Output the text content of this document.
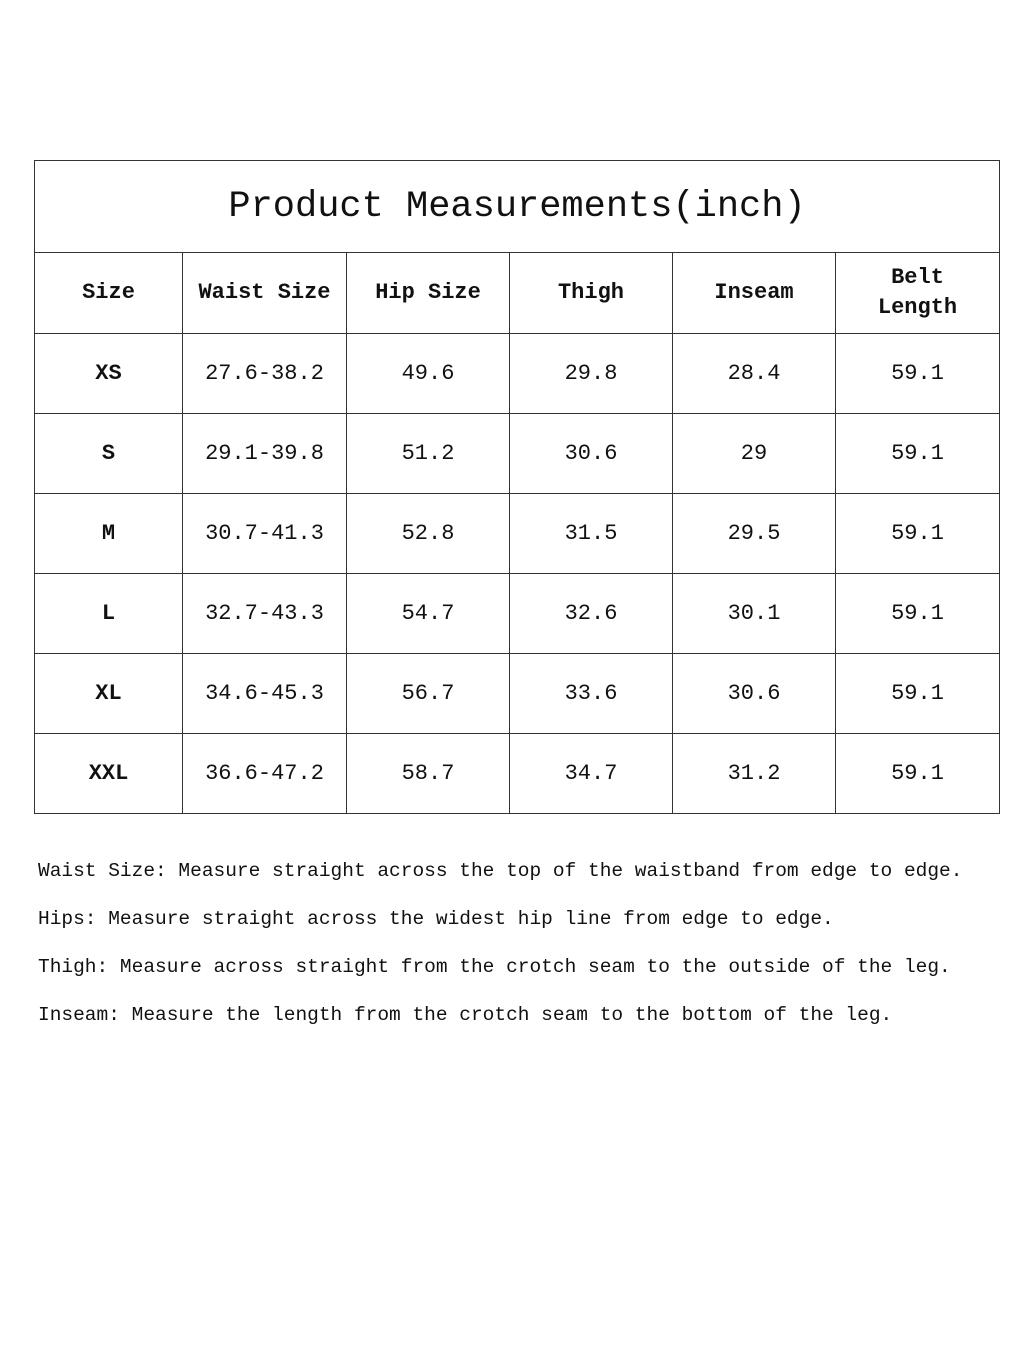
Product Measurements(inch)					
Size	Waist Size	Hip Size	Thigh	Inseam	Belt Length
XS	27.6-38.2	49.6	29.8	28.4	59.1
S	29.1-39.8	51.2	30.6	29	59.1
M	30.7-41.3	52.8	31.5	29.5	59.1
L	32.7-43.3	54.7	32.6	30.1	59.1
XL	34.6-45.3	56.7	33.6	30.6	59.1
XXL	36.6-47.2	58.7	34.7	31.2	59.1
Waist Size: Measure straight across the top of the waistband from edge to edge.
Hips: Measure straight across the widest hip line from edge to edge.
Thigh: Measure across straight from the crotch seam to the outside of the leg.
Inseam: Measure the length from the crotch seam to the bottom of the leg.
